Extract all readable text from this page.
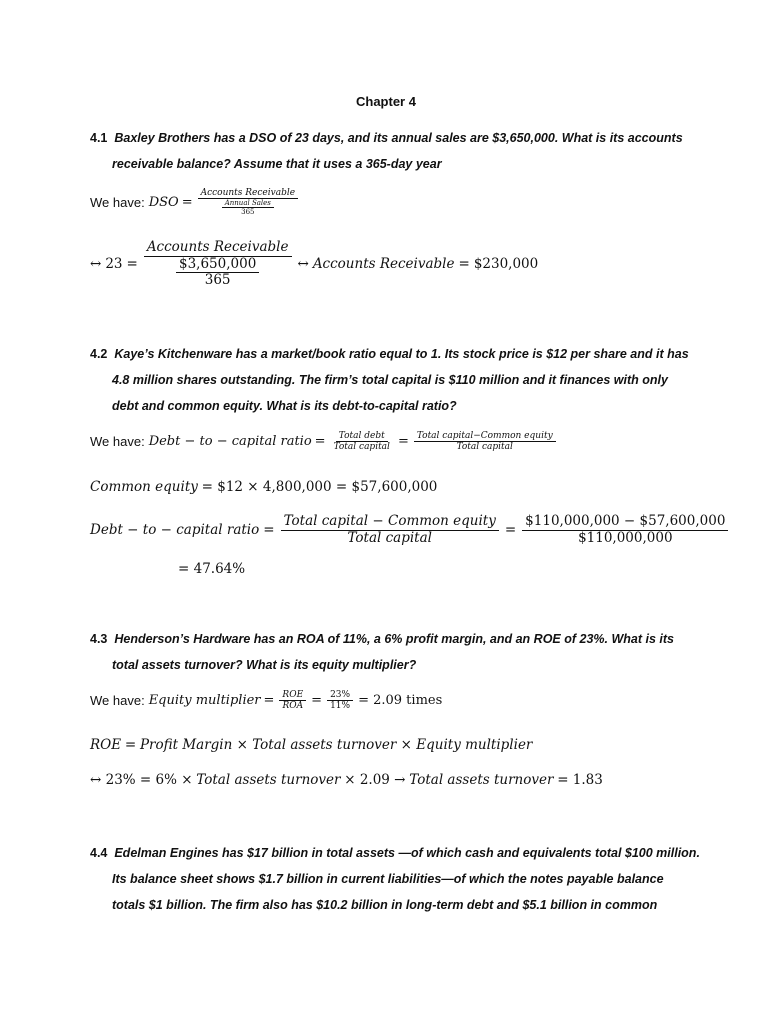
Chapter 4
4.1 Baxley Brothers has a DSO of 23 days, and its annual sales are $3,650,000. What is its accounts
receivable balance? Assume that it uses a 365-day year
We have: DSO = $\frac{\text{Accounts Receivable}}{\frac{\text{Annual Sales}}{365}}$
↔ $23 = \frac{\text{Accounts Receivable}}{\frac{\$3,650,000}{365}}$ ↔ Accounts Receivable = $230,000
4.2 Kaye’s Kitchenware has a market/book ratio equal to 1. Its stock price is $12 per share and it has
4.8 million shares outstanding. The firm’s total capital is $110 million and it finances with only
debt and common equity. What is its debt-to-capital ratio?
We have: Debt − to − capital ratio = $\frac{\text{Total debt}}{\text{Total capital}} = \frac{\text{Total capital−Common equity}}{\text{Total capital}}$
Common equity = $12 × 4,800,000 = $57,600,000
Debt − to − capital ratio = $\frac{\text{Total capital − Common equity}}{\text{Total capital}} = \frac{\$110,000,000 - \$57,600,000}{\$110,000,000}$
= 47.64%
4.3 Henderson’s Hardware has an ROA of 11%, a 6% profit margin, and an ROE of 23%. What is its
total assets turnover? What is its equity multiplier?
We have: Equity multiplier = $\frac{\text{ROE}}{\text{ROA}} = \frac{23\%}{11\%} = 2.09$ times
ROE = Profit Margin × Total assets turnover × Equity multiplier
↔ 23% = 6% × Total assets turnover × 2.09 → Total assets turnover = 1.83
4.4 Edelman Engines has $17 billion in total assets —of which cash and equivalents total $100 million.
Its balance sheet shows $1.7 billion in current liabilities—of which the notes payable balance
totals $1 billion. The firm also has $10.2 billion in long-term debt and $5.1 billion in common
